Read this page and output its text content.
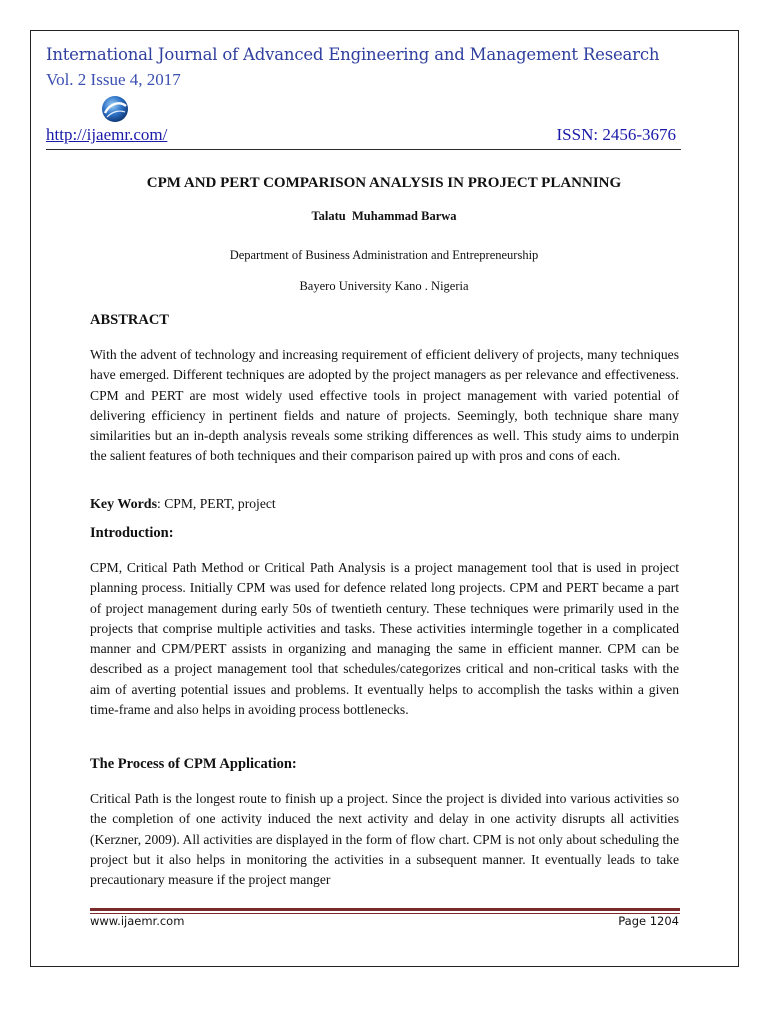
International Journal of Advanced Engineering and Management Research
Vol. 2 Issue 4, 2017
http://ijaemr.com/	ISSN: 2456-3676
CPM AND PERT COMPARISON ANALYSIS IN PROJECT PLANNING
Talatu  Muhammad Barwa
Department of Business Administration and Entrepreneurship
Bayero University Kano . Nigeria
ABSTRACT

With the advent of technology and increasing requirement of efficient delivery of projects, many techniques have emerged. Different techniques are adopted by the project managers as per relevance and effectiveness. CPM and PERT are most widely used effective tools in project management with varied potential of delivering efficiency in pertinent fields and nature of projects. Seemingly, both technique share many similarities but an in-depth analysis reveals some striking differences as well. This study aims to underpin the salient features of both techniques and their comparison paired up with pros and cons of each.

Key Words: CPM, PERT, project
Introduction:

CPM, Critical Path Method or Critical Path Analysis is a project management tool that is used in project planning process. Initially CPM was used for defence related long projects. CPM and PERT became a part of project management during early 50s of twentieth century. These techniques were primarily used in the projects that comprise multiple activities and tasks. These activities intermingle together in a complicated manner and CPM/PERT assists in organizing and managing the same in efficient manner. CPM can be described as a project management tool that schedules/categorizes critical and non-critical tasks with the aim of averting potential issues and problems. It eventually helps to accomplish the tasks within a given time-frame and also helps in avoiding process bottlenecks.

The Process of CPM Application:

Critical Path is the longest route to finish up a project. Since the project is divided into various activities so the completion of one activity induced the next activity and delay in one activity disrupts all activities (Kerzner, 2009). All activities are displayed in the form of flow chart. CPM is not only about scheduling the project but it also helps in monitoring the activities in a subsequent manner. It eventually leads to take precautionary measure if the project manger

www.ijaemr.com	Page 1204
